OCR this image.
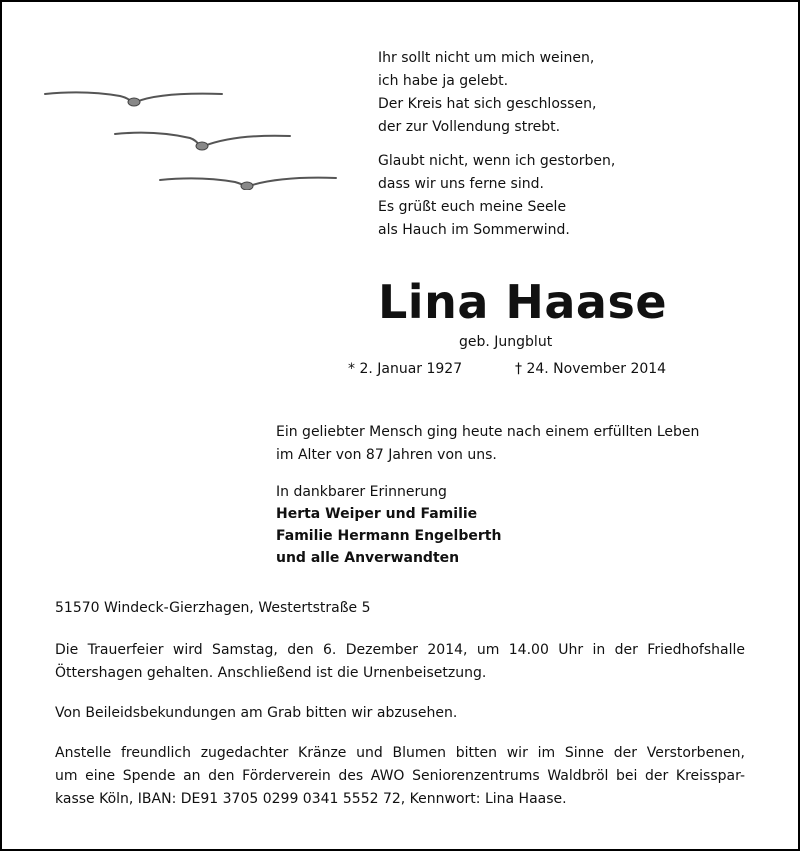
Ihr sollt nicht um mich weinen,
ich habe ja gelebt.
Der Kreis hat sich geschlossen,
der zur Vollendung strebt.

Glaubt nicht, wenn ich gestorben,
dass wir uns ferne sind.
Es grüßt euch meine Seele
als Hauch im Sommerwind.

Lina Haase
geb. Jungblut
* 2. Januar 1927	† 24. November 2014
Ein geliebter Mensch ging heute nach einem erfüllten Leben
im Alter von 87 Jahren von uns.
In dankbarer Erinnerung
Herta Weiper und Familie
Familie Hermann Engelberth
und alle Anverwandten

51570 Windeck-Gierzhagen, Westertstraße 5

Die Trauerfeier wird Samstag, den 6. Dezember 2014, um 14.00 Uhr in der Friedhofshalle
Öttershagen gehalten. Anschließend ist die Urnenbeisetzung.

Von Beileidsbekundungen am Grab bitten wir abzusehen.

Anstelle freundlich zugedachter Kränze und Blumen bitten wir im Sinne der Verstorbenen,
um eine Spende an den Förderverein des AWO Seniorenzentrums Waldbröl bei der Kreisspar-
kasse Köln, IBAN: DE91 3705 0299 0341 5552 72, Kennwort: Lina Haase.
